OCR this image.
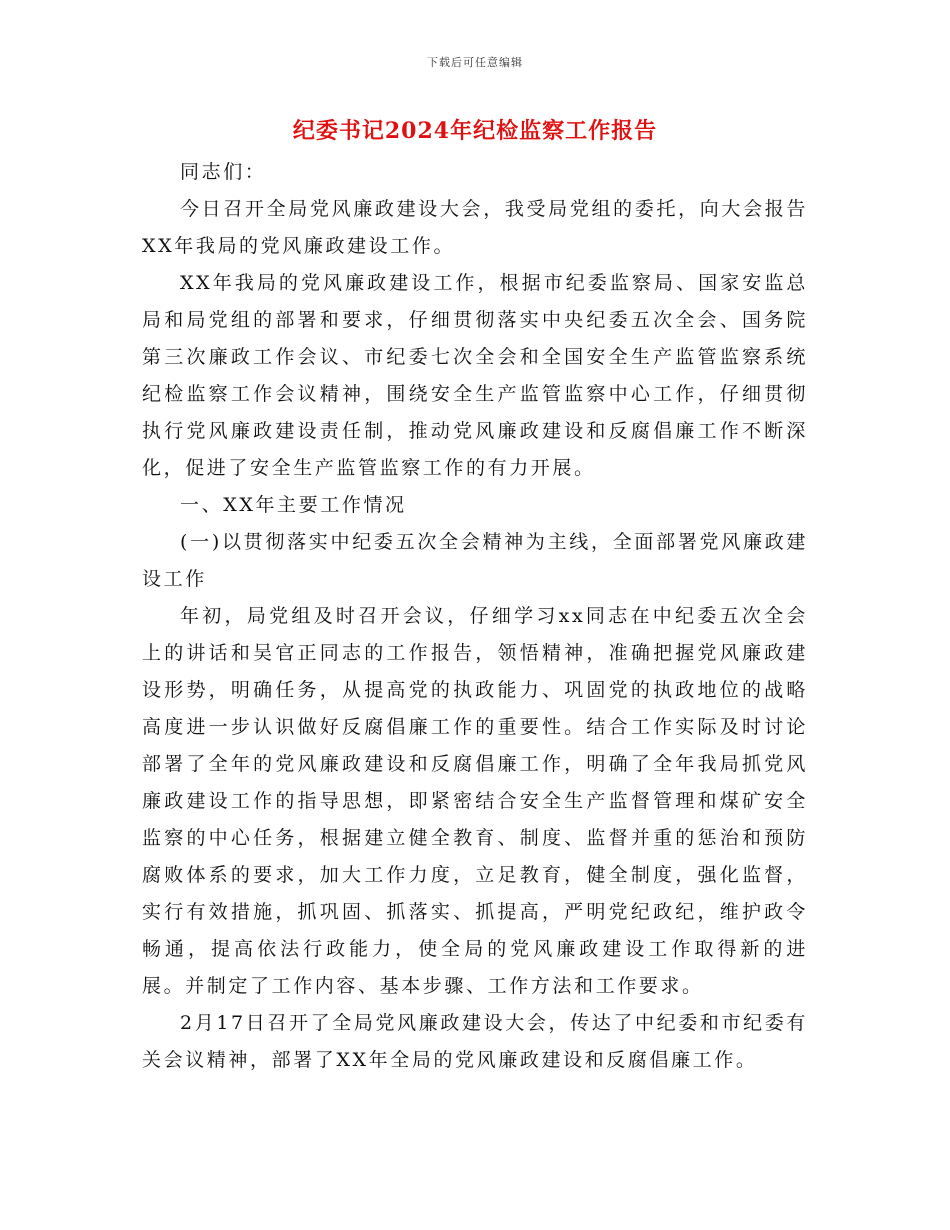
下载后可任意编辑
纪委书记2024年纪检监察工作报告

同志们：

今日召开全局党风廉政建设大会，我受局党组的委托，向大会报告XX年我局的党风廉政建设工作。

XX年我局的党风廉政建设工作，根据市纪委监察局、国家安监总局和局党组的部署和要求，仔细贯彻落实中央纪委五次全会、国务院第三次廉政工作会议、市纪委七次全会和全国安全生产监管监察系统纪检监察工作会议精神，围绕安全生产监管监察中心工作，仔细贯彻执行党风廉政建设责任制，推动党风廉政建设和反腐倡廉工作不断深化，促进了安全生产监管监察工作的有力开展。

一、XX年主要工作情况

(一)以贯彻落实中纪委五次全会精神为主线，全面部署党风廉政建设工作

年初，局党组及时召开会议，仔细学习xx同志在中纪委五次全会上的讲话和吴官正同志的工作报告，领悟精神，准确把握党风廉政建设形势，明确任务，从提高党的执政能力、巩固党的执政地位的战略高度进一步认识做好反腐倡廉工作的重要性。结合工作实际及时讨论部署了全年的党风廉政建设和反腐倡廉工作，明确了全年我局抓党风廉政建设工作的指导思想，即紧密结合安全生产监督管理和煤矿安全监察的中心任务，根据建立健全教育、制度、监督并重的惩治和预防腐败体系的要求，加大工作力度，立足教育，健全制度，强化监督，实行有效措施，抓巩固、抓落实、抓提高，严明党纪政纪，维护政令畅通，提高依法行政能力，使全局的党风廉政建设工作取得新的进展。并制定了工作内容、基本步骤、工作方法和工作要求。

2月17日召开了全局党风廉政建设大会，传达了中纪委和市纪委有关会议精神，部署了XX年全局的党风廉政建设和反腐倡廉工作。
